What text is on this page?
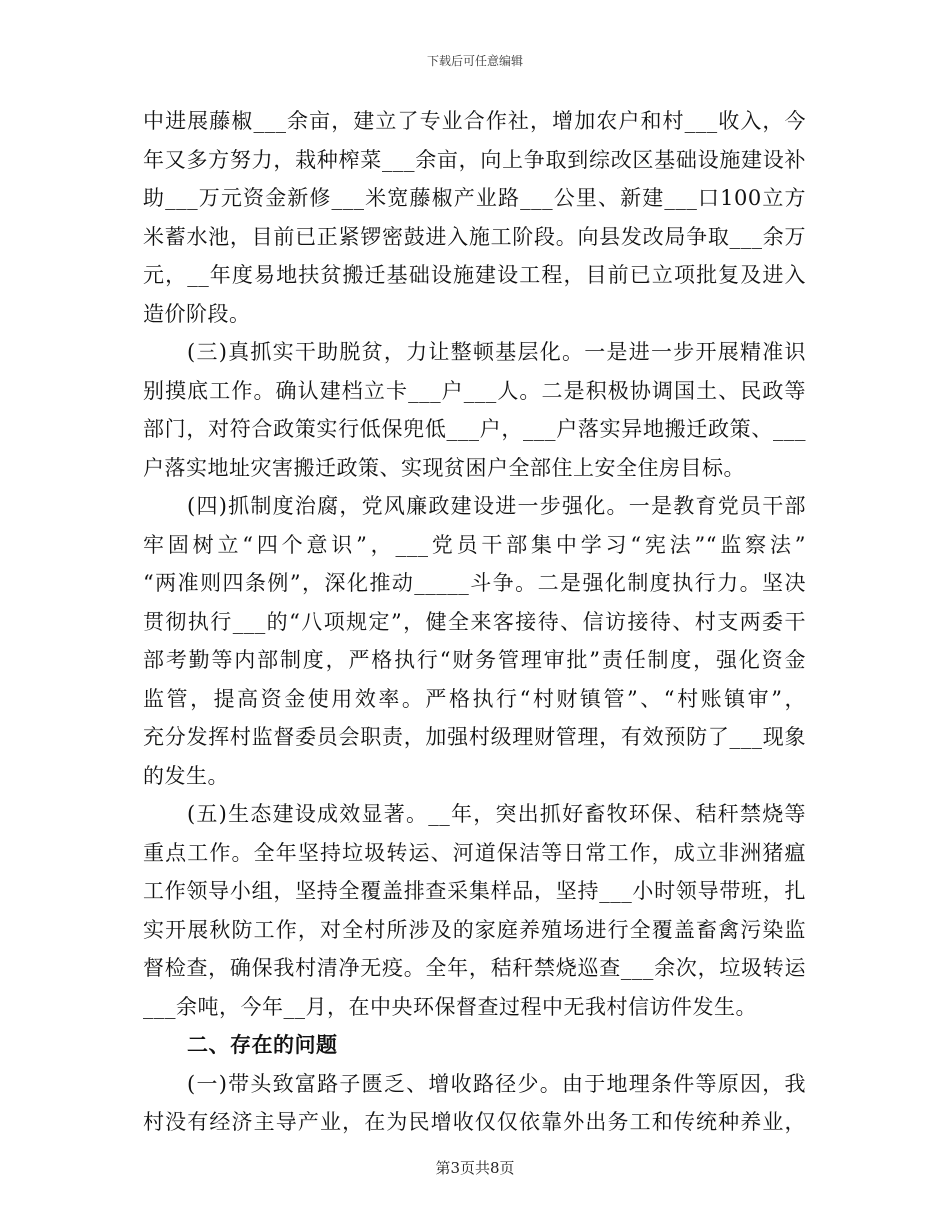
下载后可任意编辑
中进展藤椒___余亩，建立了专业合作社，增加农户和村___收入，今
年又多方努力，栽种榨菜___余亩，向上争取到综改区基础设施建设补
助___万元资金新修___米宽藤椒产业路___公里、新建___口100立方
米蓄水池，目前已正紧锣密鼓进入施工阶段。向县发改局争取___余万
元，__年度易地扶贫搬迁基础设施建设工程，目前已立项批复及进入
造价阶段。
(三)真抓实干助脱贫，力让整顿基层化。一是进一步开展精准识
别摸底工作。确认建档立卡___户___人。二是积极协调国土、民政等
部门，对符合政策实行低保兜低___户，___户落实异地搬迁政策、___
户落实地址灾害搬迁政策、实现贫困户全部住上安全住房目标。
(四)抓制度治腐，党风廉政建设进一步强化。一是教育党员干部
牢固树立“四个意识”，___党员干部集中学习“宪法”“监察法”
“两准则四条例”，深化推动_____斗争。二是强化制度执行力。坚决
贯彻执行___的“八项规定”，健全来客接待、信访接待、村支两委干
部考勤等内部制度，严格执行“财务管理审批”责任制度，强化资金
监管，提高资金使用效率。严格执行“村财镇管”、“村账镇审”，
充分发挥村监督委员会职责，加强村级理财管理，有效预防了___现象
的发生。
(五)生态建设成效显著。__年，突出抓好畜牧环保、秸秆禁烧等
重点工作。全年坚持垃圾转运、河道保洁等日常工作，成立非洲猪瘟
工作领导小组，坚持全覆盖排查采集样品，坚持___小时领导带班，扎
实开展秋防工作，对全村所涉及的家庭养殖场进行全覆盖畜禽污染监
督检查，确保我村清净无疫。全年，秸秆禁烧巡查___余次，垃圾转运
___余吨，今年__月，在中央环保督查过程中无我村信访件发生。
二、存在的问题
(一)带头致富路子匮乏、增收路径少。由于地理条件等原因，我
村没有经济主导产业，在为民增收仅仅依靠外出务工和传统种养业，
第3页共8页
